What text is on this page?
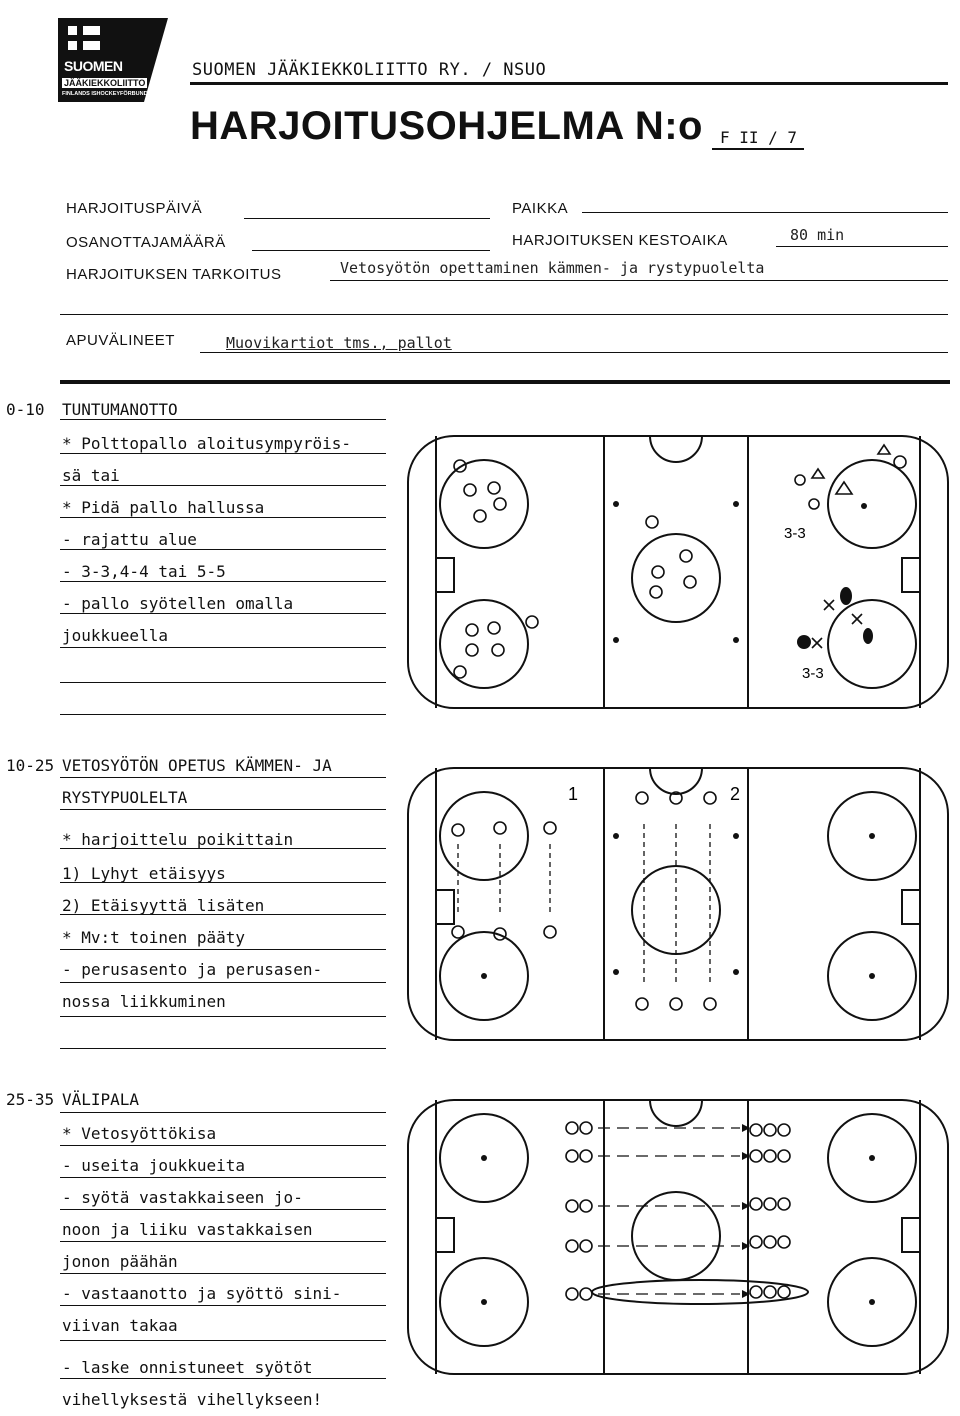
SUOMEN
JÄÄKIEKKOLIITTO
FINLANDS ISHOCKEYFÖRBUND
SUOMEN JÄÄKIEKKOLIITTO RY. / NSUO
HARJOITUSOHJELMA N:o F II / 7
HARJOITUSPÄIVÄ	PAIKKA
OSANOTTAJAMÄÄRÄ	HARJOITUKSEN KESTOAIKA	80 min
HARJOITUKSEN TARKOITUS	Vetosyötön opettaminen kämmen- ja rystypuolelta
APUVÄLINEET	Muovikartiot tms., pallot
0-10 TUNTUMANOTTO
* Polttopallo aloitusympyröis-
sä tai
* Pidä pallo hallussa
- rajattu alue
- 3-3,4-4 tai 5-5
- pallo syötellen omalla
joukkueella
10-25 VETOSYÖTÖN OPETUS KÄMMEN- JA
RYSTYPUOLELTA
* harjoittelu poikittain
1) Lyhyt etäisyys
2) Etäisyyttä lisäten
* Mv:t toinen pääty
- perusasento ja perusasen-
nossa liikkuminen
25-35 VÄLIPALA
* Vetosyöttökisa
- useita joukkueita
- syötä vastakkaiseen jo-
noon ja liiku vastakkaisen
jonon päähän
- vastaanotto ja syöttö sini-
viivan takaa
- laske onnistuneet syötöt
vihellyksestä vihellykseen!
3-3
3-3
1	2
